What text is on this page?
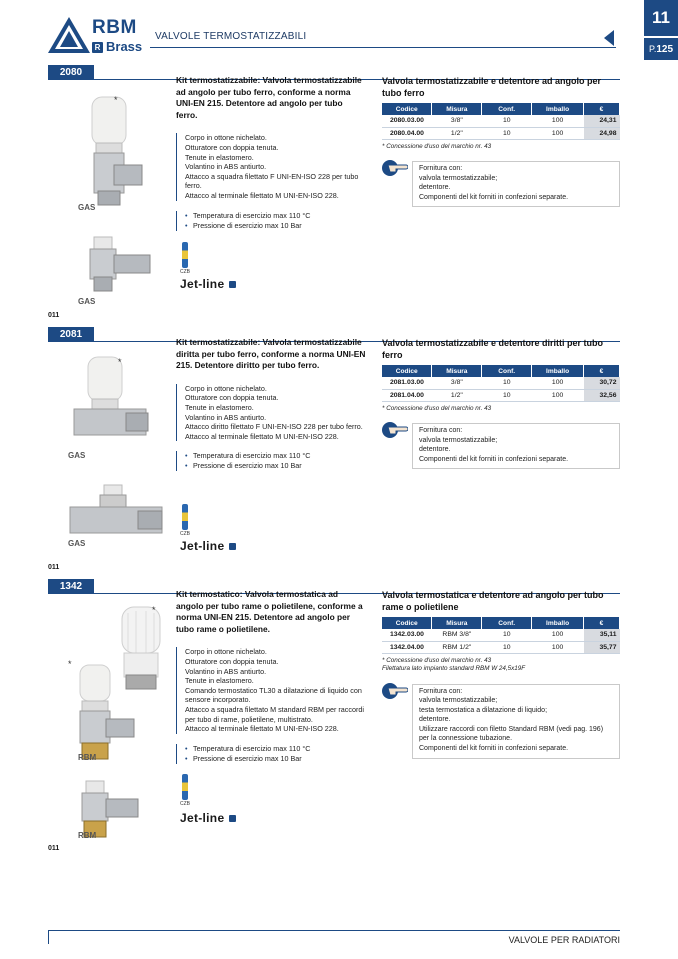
RBM
R Brass
VALVOLE TERMOSTATIZZABILI
11
P.125
2080
*
GAS
GAS
Kit termostatizzabile: Valvola termostatizzabile ad angolo per tubo ferro, conforme a norma UNI-EN 215. Detentore ad angolo per tubo ferro.
Corpo in ottone nichelato.
Otturatore con doppia tenuta.
Tenute in elastomero.
Volantino in ABS antiurto.
Attacco a squadra filettato F UNI-EN-ISO 228 per tubo ferro.
Attacco al terminale filettato M UNI-EN-ISO 228.
• Temperatura di esercizio max 110 °C
• Pressione di esercizio max 10 Bar
CZB
Jet-line
Valvola termostatizzabile e detentore ad angolo per tubo ferro
Codice	Misura	Conf.	Imballo	€
2080.03.00	3/8"	10	100	24,31
2080.04.00	1/2"	10	100	24,98
* Concessione d'uso del marchio nr. 43
Fornitura con:
valvola termostatizzabile;
detentore.
Componenti del kit forniti in confezioni separate.
011
2081
*
GAS
GAS
Kit termostatizzabile: Valvola termostatizzabile diritta per tubo ferro, conforme a norma UNI-EN 215. Detentore diritto per tubo ferro.
Corpo in ottone nichelato.
Otturatore con doppia tenuta.
Tenute in elastomero.
Volantino in ABS antiurto.
Attacco diritto filettato F UNI-EN-ISO 228 per tubo ferro.
Attacco al terminale filettato M UNI-EN-ISO 228.
• Temperatura di esercizio max 110 °C
• Pressione di esercizio max 10 Bar
CZB
Jet-line
Valvola termostatizzabile e detentore diritti per tubo ferro
Codice	Misura	Conf.	Imballo	€
2081.03.00	3/8"	10	100	30,72
2081.04.00	1/2"	10	100	32,56
* Concessione d'uso del marchio nr. 43
Fornitura con:
valvola termostatizzabile;
detentore.
Componenti del kit forniti in confezioni separate.
011
1342
*
*
RBM
RBM
Kit termostatico: Valvola termostatica ad angolo per tubo rame o polietilene, conforme a norma UNI-EN 215. Detentore ad angolo per tubo rame o polietilene.
Corpo in ottone nichelato.
Otturatore con doppia tenuta.
Volantino in ABS antiurto.
Tenute in elastomero.
Comando termostatico TL30 a dilatazione di liquido con sensore incorporato.
Attacco a squadra filettato M standard RBM per raccordi per tubo di rame, polietilene, multistrato.
Attacco al terminale filettato M UNI-EN-ISO 228.
• Temperatura di esercizio max 110 °C
• Pressione di esercizio max 10 Bar
CZB
Jet-line
Valvola termostatica e detentore ad angolo per tubo rame o polietilene
Codice	Misura	Conf.	Imballo	€
1342.03.00	RBM 3/8"	10	100	35,11
1342.04.00	RBM 1/2"	10	100	35,77
* Concessione d'uso del marchio nr. 43
Filettatura lato impianto standard RBM W 24,5x19F
Fornitura con:
valvola termostatizzabile;
testa termostatica a dilatazione di liquido;
detentore.
Utilizzare raccordi con filetto Standard RBM (vedi pag. 196) per la connessione tubazione.
Componenti del kit forniti in confezioni separate.
011
VALVOLE PER RADIATORI
